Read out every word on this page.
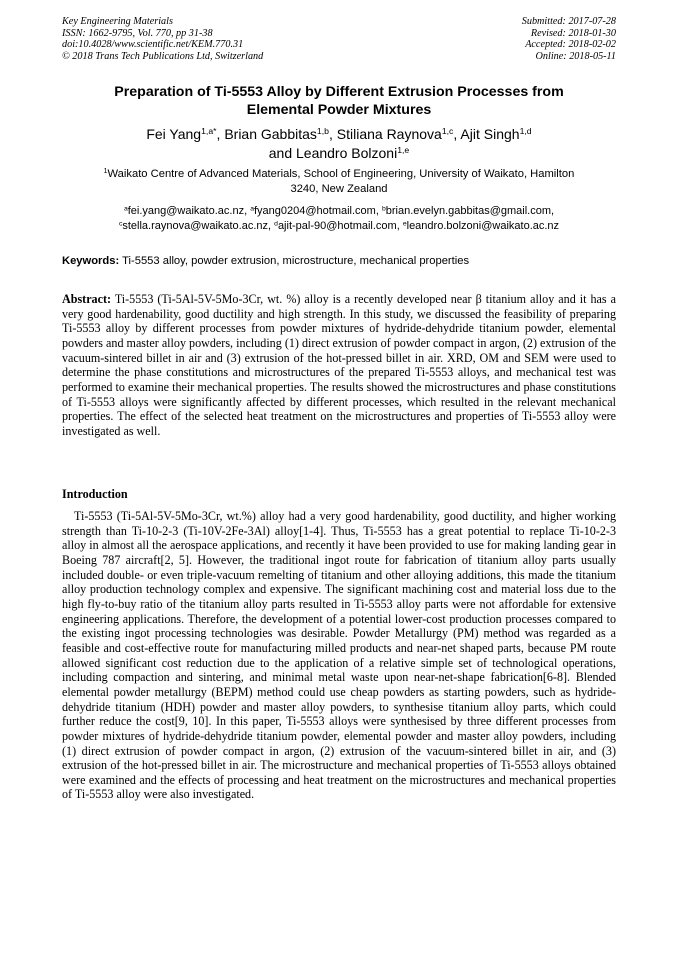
Key Engineering Materials
ISSN: 1662-9795, Vol. 770, pp 31-38
doi:10.4028/www.scientific.net/KEM.770.31
© 2018 Trans Tech Publications Ltd, Switzerland
Submitted: 2017-07-28
Revised: 2018-01-30
Accepted: 2018-02-02
Online: 2018-05-11
Preparation of Ti-5553 Alloy by Different Extrusion Processes from
Elemental Powder Mixtures
Fei Yang$^{1,a*}$, Brian Gabbitas$^{1,b}$, Stiliana Raynova$^{1,c}$, Ajit Singh$^{1,d}$
and Leandro Bolzoni$^{1,e}$
$^1$Waikato Centre of Advanced Materials, School of Engineering, University of Waikato, Hamilton
3240, New Zealand
$^a$fei.yang@waikato.ac.nz, $^a$fyang0204@hotmail.com, $^b$brian.evelyn.gabbitas@gmail.com,
$^c$stella.raynova@waikato.ac.nz, $^d$ajit-pal-90@hotmail.com, $^e$leandro.bolzoni@waikato.ac.nz
Keywords: Ti-5553 alloy, powder extrusion, microstructure, mechanical properties
Abstract: Ti-5553 (Ti-5Al-5V-5Mo-3Cr, wt. %) alloy is a recently developed near β titanium alloy and it has a very good hardenability, good ductility and high strength. In this study, we discussed the feasibility of preparing Ti-5553 alloy by different processes from powder mixtures of hydride-dehydride titanium powder, elemental powders and master alloy powders, including (1) direct extrusion of powder compact in argon, (2) extrusion of the vacuum-sintered billet in air and (3) extrusion of the hot-pressed billet in air. XRD, OM and SEM were used to determine the phase constitutions and microstructures of the prepared Ti-5553 alloys, and mechanical test was performed to examine their mechanical properties. The results showed the microstructures and phase constitutions of Ti-5553 alloys were significantly affected by different processes, which resulted in the relevant mechanical properties. The effect of the selected heat treatment on the microstructures and properties of Ti-5553 alloy were investigated as well.
Introduction
Ti-5553 (Ti-5Al-5V-5Mo-3Cr, wt.%) alloy had a very good hardenability, good ductility, and higher working strength than Ti-10-2-3 (Ti-10V-2Fe-3Al) alloy[1-4]. Thus, Ti-5553 has a great potential to replace Ti-10-2-3 alloy in almost all the aerospace applications, and recently it have been provided to use for making landing gear in Boeing 787 aircraft[2, 5]. However, the traditional ingot route for fabrication of titanium alloy parts usually included double- or even triple-vacuum remelting of titanium and other alloying additions, this made the titanium alloy production technology complex and expensive. The significant machining cost and material loss due to the high fly-to-buy ratio of the titanium alloy parts resulted in Ti-5553 alloy parts were not affordable for extensive engineering applications. Therefore, the development of a potential lower-cost production processes compared to the existing ingot processing technologies was desirable. Powder Metallurgy (PM) method was regarded as a feasible and cost-effective route for manufacturing milled products and near-net shaped parts, because PM route allowed significant cost reduction due to the application of a relative simple set of technological operations, including compaction and sintering, and minimal metal waste upon near-net-shape fabrication[6-8]. Blended elemental powder metallurgy (BEPM) method could use cheap powders as starting powders, such as hydride-dehydride titanium (HDH) powder and master alloy powders, to synthesise titanium alloy parts, which could further reduce the cost[9, 10]. In this paper, Ti-5553 alloys were synthesised by three different processes from powder mixtures of hydride-dehydride titanium powder, elemental powder and master alloy powders, including (1) direct extrusion of powder compact in argon, (2) extrusion of the vacuum-sintered billet in air, and (3) extrusion of the hot-pressed billet in air. The microstructure and mechanical properties of Ti-5553 alloys obtained were examined and the effects of processing and heat treatment on the microstructures and mechanical properties of Ti-5553 alloy were also investigated.
